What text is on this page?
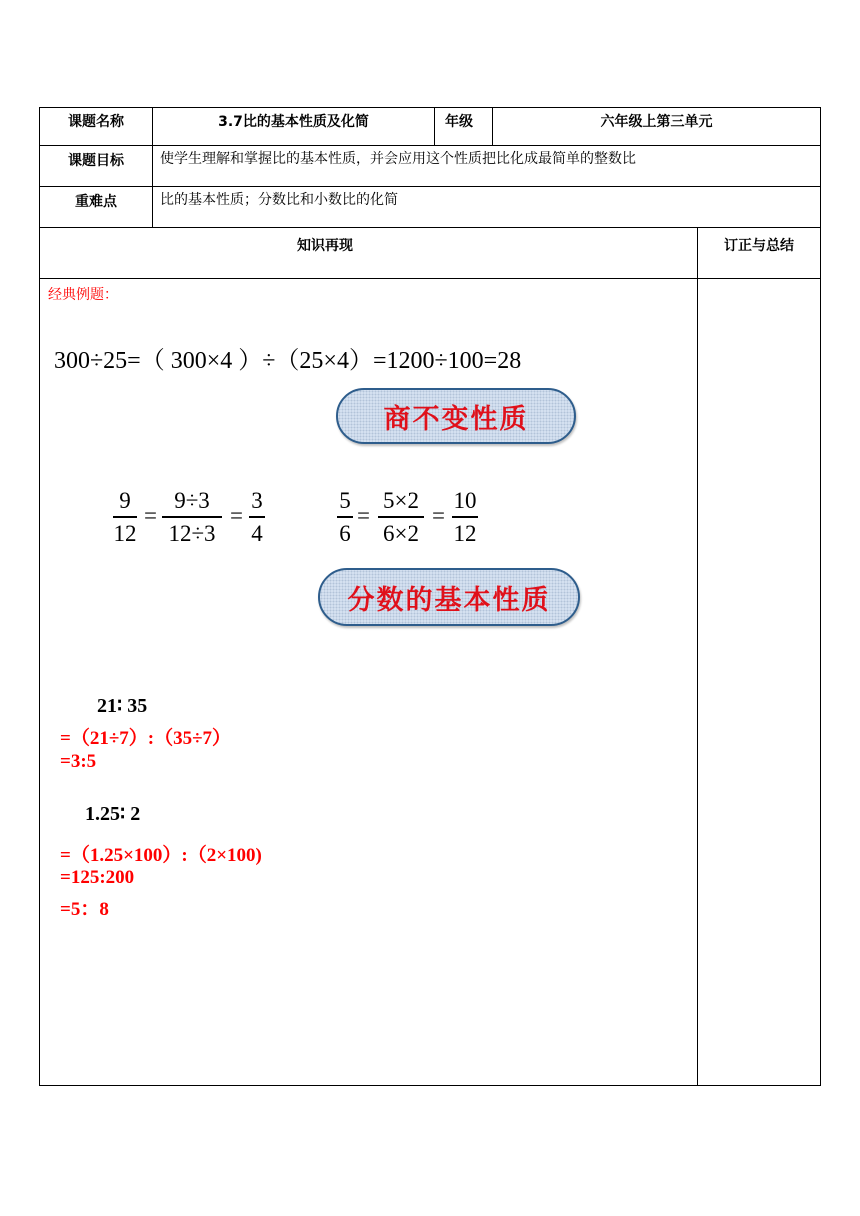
课题名称	3.7比的基本性质及化简	年级	六年级上第三单元
课题目标	使学生理解和掌握比的基本性质，并会应用这个性质把比化成最简单的整数比
重难点	比的基本性质；分数比和小数比的化简
知识再现	订正与总结
经典例题：
300÷25=（ 300×4 ）÷（25×4）=1200÷100=28
商不变性质
9
12
=
9÷3
12÷3
=
3
4
5
6
=
5×2
6×2
=
10
12
分数的基本性质
21∶ 35
=（21÷7）:（35÷7）
=3:5
1.25∶ 2
=（1.25×100）:（2×100)
=125:200
=5：8
